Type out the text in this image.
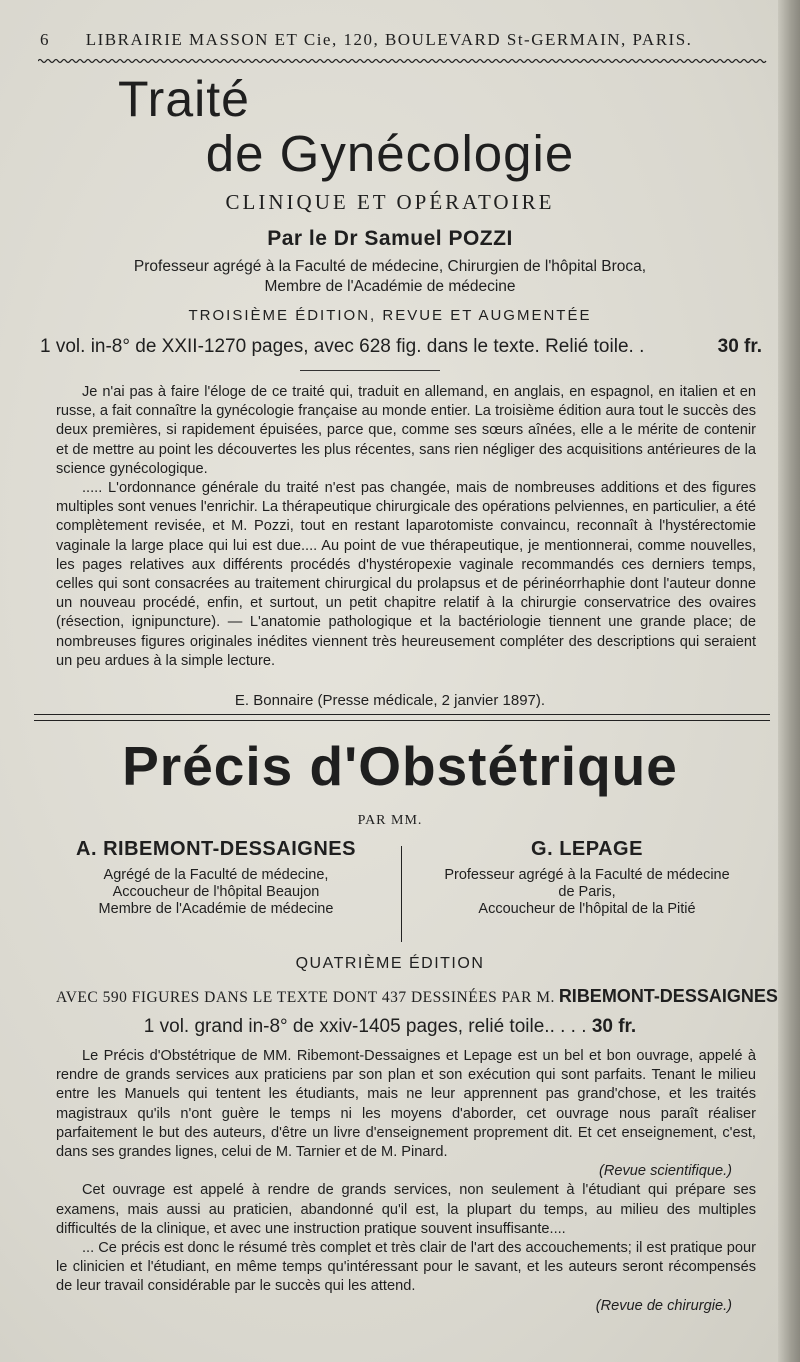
6 LIBRAIRIE MASSON ET Cie, 120, BOULEVARD St-GERMAIN, PARIS.
Traité
de Gynécologie
CLINIQUE ET OPÉRATOIRE
Par le Dr Samuel POZZI
Professeur agrégé à la Faculté de médecine, Chirurgien de l'hôpital Broca,
Membre de l'Académie de médecine
TROISIÈME ÉDITION, REVUE ET AUGMENTÉE
1 vol. in-8° de XXII-1270 pages, avec 628 fig. dans le texte. Relié toile. .	30 fr.

Je n'ai pas à faire l'éloge de ce traité qui, traduit en allemand, en anglais, en espagnol, en italien et en russe, a fait connaître la gynécologie française au monde entier. La troisième édition aura tout le succès des deux premières, si rapidement épuisées, parce que, comme ses sœurs aînées, elle a le mérite de contenir et de mettre au point les découvertes les plus récentes, sans rien négliger des acquisitions antérieures de la science gynécologique.

..... L'ordonnance générale du traité n'est pas changée, mais de nombreuses additions et des figures multiples sont venues l'enrichir. La thérapeutique chirurgicale des opérations pelviennes, en particulier, a été complètement revisée, et M. Pozzi, tout en restant laparotomiste convaincu, reconnaît à l'hystérectomie vaginale la large place qui lui est due.... Au point de vue thérapeutique, je mentionnerai, comme nouvelles, les pages relatives aux différents procédés d'hystéropexie vaginale recommandés ces derniers temps, celles qui sont consacrées au traitement chirurgical du prolapsus et de périnéorrhaphie dont l'auteur donne un nouveau procédé, enfin, et surtout, un petit chapitre relatif à la chirurgie conservatrice des ovaires (résection, ignipuncture). — L'anatomie pathologique et la bactériologie tiennent une grande place; de nombreuses figures originales inédites viennent très heureusement compléter des descriptions qui seraient un peu ardues à la simple lecture.

E. Bonnaire (Presse médicale, 2 janvier 1897).
Précis d'Obstétrique
PAR MM.
A. RIBEMONT-DESSAIGNES
Agrégé de la Faculté de médecine,
Accoucheur de l'hôpital Beaujon
Membre de l'Académie de médecine
G. LEPAGE
Professeur agrégé à la Faculté de médecine
de Paris,
Accoucheur de l'hôpital de la Pitié
QUATRIÈME ÉDITION
AVEC 590 FIGURES DANS LE TEXTE DONT 437 DESSINÉES PAR M. RIBEMONT-DESSAIGNES
1 vol. grand in-8° de xxiv-1405 pages, relié toile.. . . . 30 fr.

Le Précis d'Obstétrique de MM. Ribemont-Dessaignes et Lepage est un bel et bon ouvrage, appelé à rendre de grands services aux praticiens par son plan et son exécution qui sont parfaits. Tenant le milieu entre les Manuels qui tentent les étudiants, mais ne leur apprennent pas grand'chose, et les traités magistraux qu'ils n'ont guère le temps ni les moyens d'aborder, cet ouvrage nous paraît réaliser parfaitement le but des auteurs, d'être un livre d'enseignement proprement dit. Et cet enseignement, c'est, dans ses grandes lignes, celui de M. Tarnier et de M. Pinard.

(Revue scientifique.)

Cet ouvrage est appelé à rendre de grands services, non seulement à l'étudiant qui prépare ses examens, mais aussi au praticien, abandonné qu'il est, la plupart du temps, au milieu des multiples difficultés de la clinique, et avec une instruction pratique souvent insuffisante....

... Ce précis est donc le résumé très complet et très clair de l'art des accouchements; il est pratique pour le clinicien et l'étudiant, en même temps qu'intéressant pour le savant, et les auteurs seront récompensés de leur travail considérable par le succès qui les attend.

(Revue de chirurgie.)
